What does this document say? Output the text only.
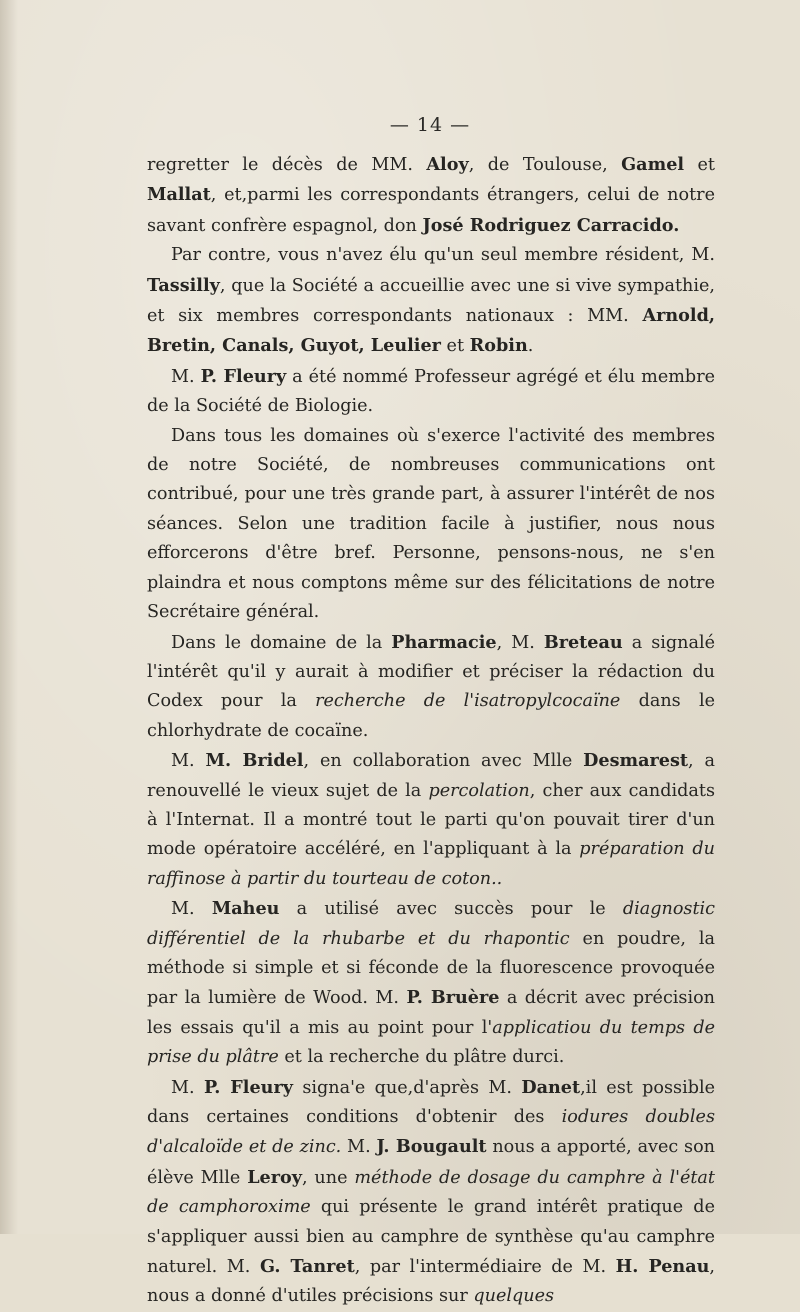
— 14 —

regretter le décès de MM. Aloy, de Toulouse, Gamel et Mallat, et,parmi les correspondants étrangers, celui de notre savant confrère espagnol, don José Rodriguez Carracido.

Par contre, vous n'avez élu qu'un seul membre résident, M. Tassilly, que la Société a accueillie avec une si vive sympathie, et six membres correspondants nationaux : MM. Arnold, Bretin, Canals, Guyot, Leulier et Robin.

M. P. Fleury a été nommé Professeur agrégé et élu membre de la Société de Biologie.

Dans tous les domaines où s'exerce l'activité des membres de notre Société, de nombreuses communications ont contribué, pour une très grande part, à assurer l'intérêt de nos séances. Selon une tradition facile à justifier, nous nous efforcerons d'être bref. Personne, pensons-nous, ne s'en plaindra et nous comptons même sur des félicitations de notre Secrétaire général.

Dans le domaine de la Pharmacie, M. Breteau a signalé l'intérêt qu'il y aurait à modifier et préciser la rédaction du Codex pour la recherche de l'isatropylcocaïne dans le chlorhydrate de cocaïne.

M. M. Bridel, en collaboration avec Mlle Desmarest, a renouvellé le vieux sujet de la percolation, cher aux candidats à l'Internat. Il a montré tout le parti qu'on pouvait tirer d'un mode opératoire accéléré, en l'appliquant à la préparation du raffinose à partir du tourteau de coton..

M. Maheu a utilisé avec succès pour le diagnostic différentiel de la rhubarbe et du rhapontic en poudre, la méthode si simple et si féconde de la fluorescence provoquée par la lumière de Wood. M. P. Bruère a décrit avec précision les essais qu'il a mis au point pour l'applicatiou du temps de prise du plâtre et la recherche du plâtre durci.

M. P. Fleury signa'e que,d'après M. Danet,il est possible dans certaines conditions d'obtenir des iodures doubles d'alcaloïde et de zinc. M. J. Bougault nous a apporté, avec son élève Mlle Leroy, une méthode de dosage du camphre à l'état de camphoroxime qui présente le grand intérêt pratique de s'appliquer aussi bien au camphre de synthèse qu'au camphre naturel. M. G. Tanret, par l'intermédiaire de M. H. Penau, nous a donné d'utiles précisions sur quelques
